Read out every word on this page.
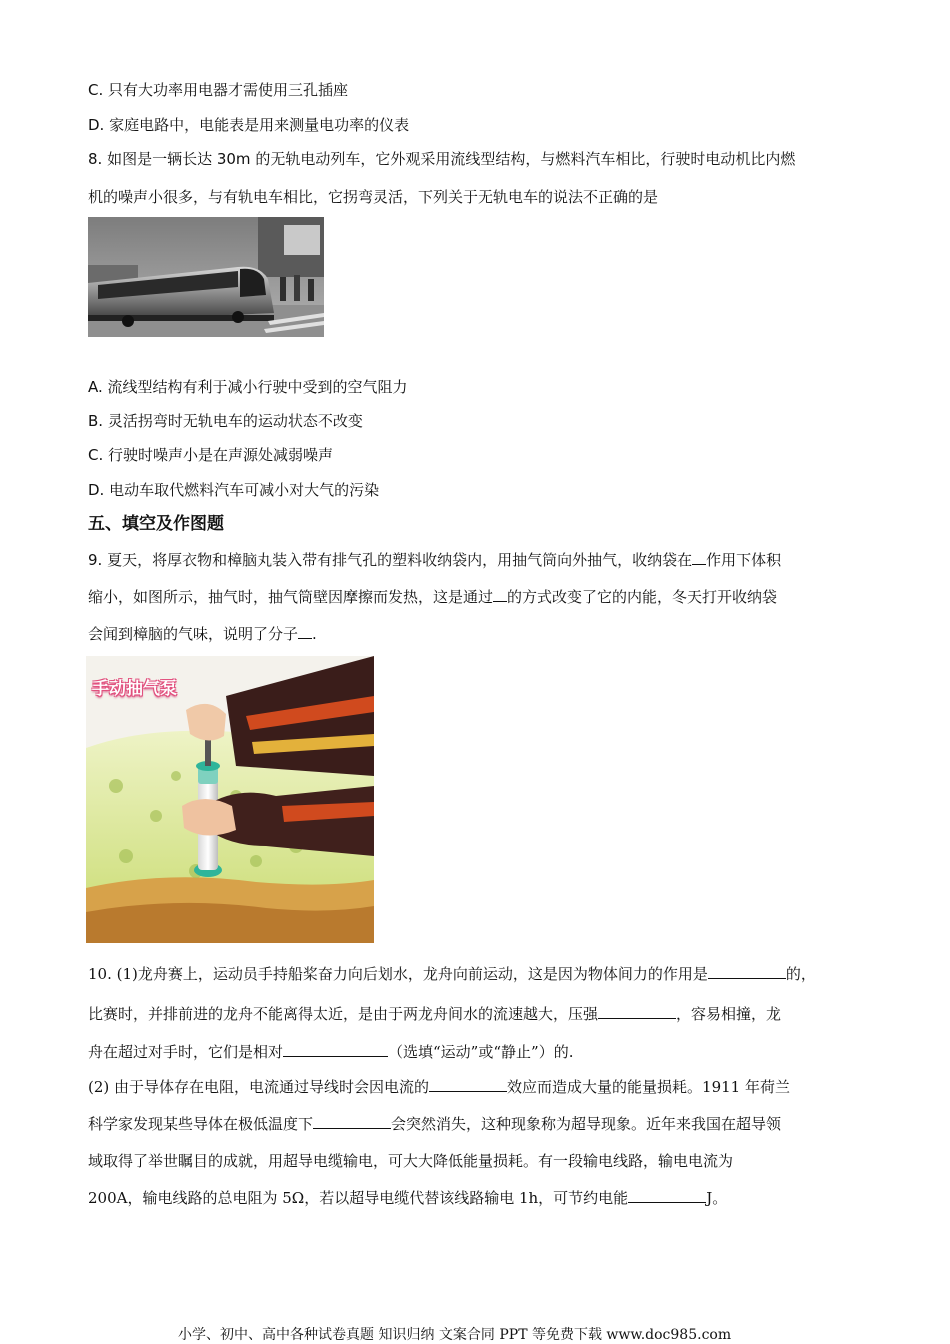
C. 只有大功率用电器才需使用三孔插座
D. 家庭电路中，电能表是用来测量电功率的仪表
8. 如图是一辆长达 30m 的无轨电动列车，它外观采用流线型结构，与燃料汽车相比，行驶时电动机比内燃
机的噪声小很多，与有轨电车相比，它拐弯灵活，下列关于无轨电车的说法不正确的是
A. 流线型结构有利于减小行驶中受到的空气阻力
B. 灵活拐弯时无轨电车的运动状态不改变
C. 行驶时噪声小是在声源处减弱噪声
D. 电动车取代燃料汽车可减小对大气的污染
五、填空及作图题
9. 夏天，将厚衣物和樟脑丸装入带有排气孔的塑料收纳袋内，用抽气筒向外抽气，收纳袋在 作用下体积
缩小，如图所示，抽气时，抽气筒壁因摩擦而发热，这是通过 的方式改变了它的内能，冬天打开收纳袋
会闻到樟脑的气味，说明了分子 .
手动抽气泵
10. (1)龙舟赛上，运动员手持船桨奋力向后划水，龙舟向前运动，这是因为物体间力的作用是	的，
比赛时，并排前进的龙舟不能离得太近，是由于两龙舟间水的流速越大，压强	，容易相撞，龙
舟在超过对手时，它们是相对	（选填“运动”或“静止”）的.
(2) 由于导体存在电阻，电流通过导线时会因电流的	效应而造成大量的能量损耗。1911 年荷兰
科学家发现某些导体在极低温度下	会突然消失，这种现象称为超导现象。近年来我国在超导领
域取得了举世瞩目的成就，用超导电缆输电，可大大降低能量损耗。有一段输电线路，输电电流为
200A，输电线路的总电阻为 5Ω，若以超导电缆代替该线路输电 1h，可节约电能	J。
小学、初中、高中各种试卷真题 知识归纳 文案合同 PPT 等免费下载 www.doc985.com
